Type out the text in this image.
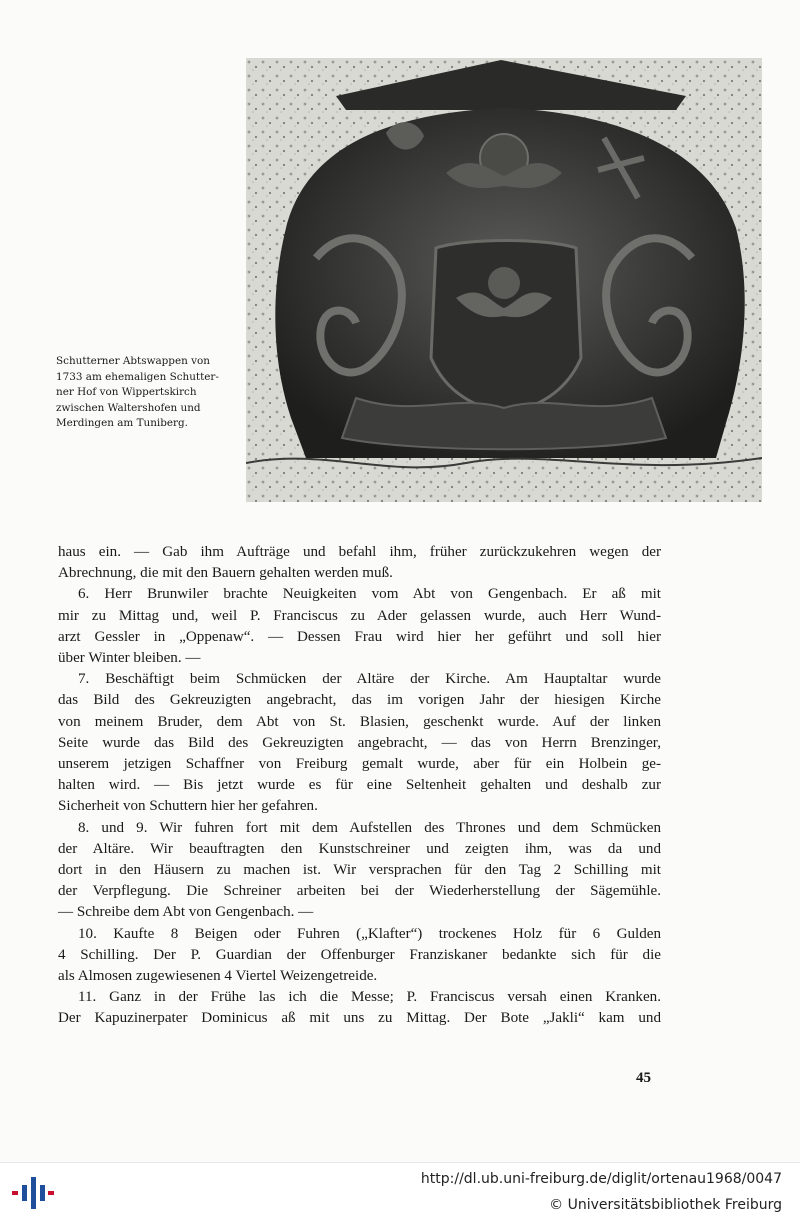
Schutterner Abtswappen von
1733 am ehemaligen Schutter-
ner Hof von Wippertskirch
zwischen Waltershofen und
Merdingen am Tuniberg.
haus ein. — Gab ihm Aufträge und befahl ihm, früher zurückzukehren wegen der
Abrechnung, die mit den Bauern gehalten werden muß.
6. Herr Brunwiler brachte Neuigkeiten vom Abt von Gengenbach. Er aß mit
mir zu Mittag und, weil P. Franciscus zu Ader gelassen wurde, auch Herr Wund-
arzt Gessler in „Oppenaw“. — Dessen Frau wird hier her geführt und soll hier
über Winter bleiben. —
7. Beschäftigt beim Schmücken der Altäre der Kirche. Am Hauptaltar wurde
das Bild des Gekreuzigten angebracht, das im vorigen Jahr der hiesigen Kirche
von meinem Bruder, dem Abt von St. Blasien, geschenkt wurde. Auf der linken
Seite wurde das Bild des Gekreuzigten angebracht, — das von Herrn Brenzinger,
unserem jetzigen Schaffner von Freiburg gemalt wurde, aber für ein Holbein ge-
halten wird. — Bis jetzt wurde es für eine Seltenheit gehalten und deshalb zur
Sicherheit von Schuttern hier her gefahren.
8. und 9. Wir fuhren fort mit dem Aufstellen des Thrones und dem Schmücken
der Altäre. Wir beauftragten den Kunstschreiner und zeigten ihm, was da und
dort in den Häusern zu machen ist. Wir versprachen für den Tag 2 Schilling mit
der Verpflegung. Die Schreiner arbeiten bei der Wiederherstellung der Sägemühle.
— Schreibe dem Abt von Gengenbach. —
10. Kaufte 8 Beigen oder Fuhren („Klafter“) trockenes Holz für 6 Gulden
4 Schilling. Der P. Guardian der Offenburger Franziskaner bedankte sich für die
als Almosen zugewiesenen 4 Viertel Weizengetreide.
11. Ganz in der Frühe las ich die Messe; P. Franciscus versah einen Kranken.
Der Kapuzinerpater Dominicus aß mit uns zu Mittag. Der Bote „Jakli“ kam und
45
http://dl.ub.uni-freiburg.de/diglit/ortenau1968/0047
© Universitätsbibliothek Freiburg
